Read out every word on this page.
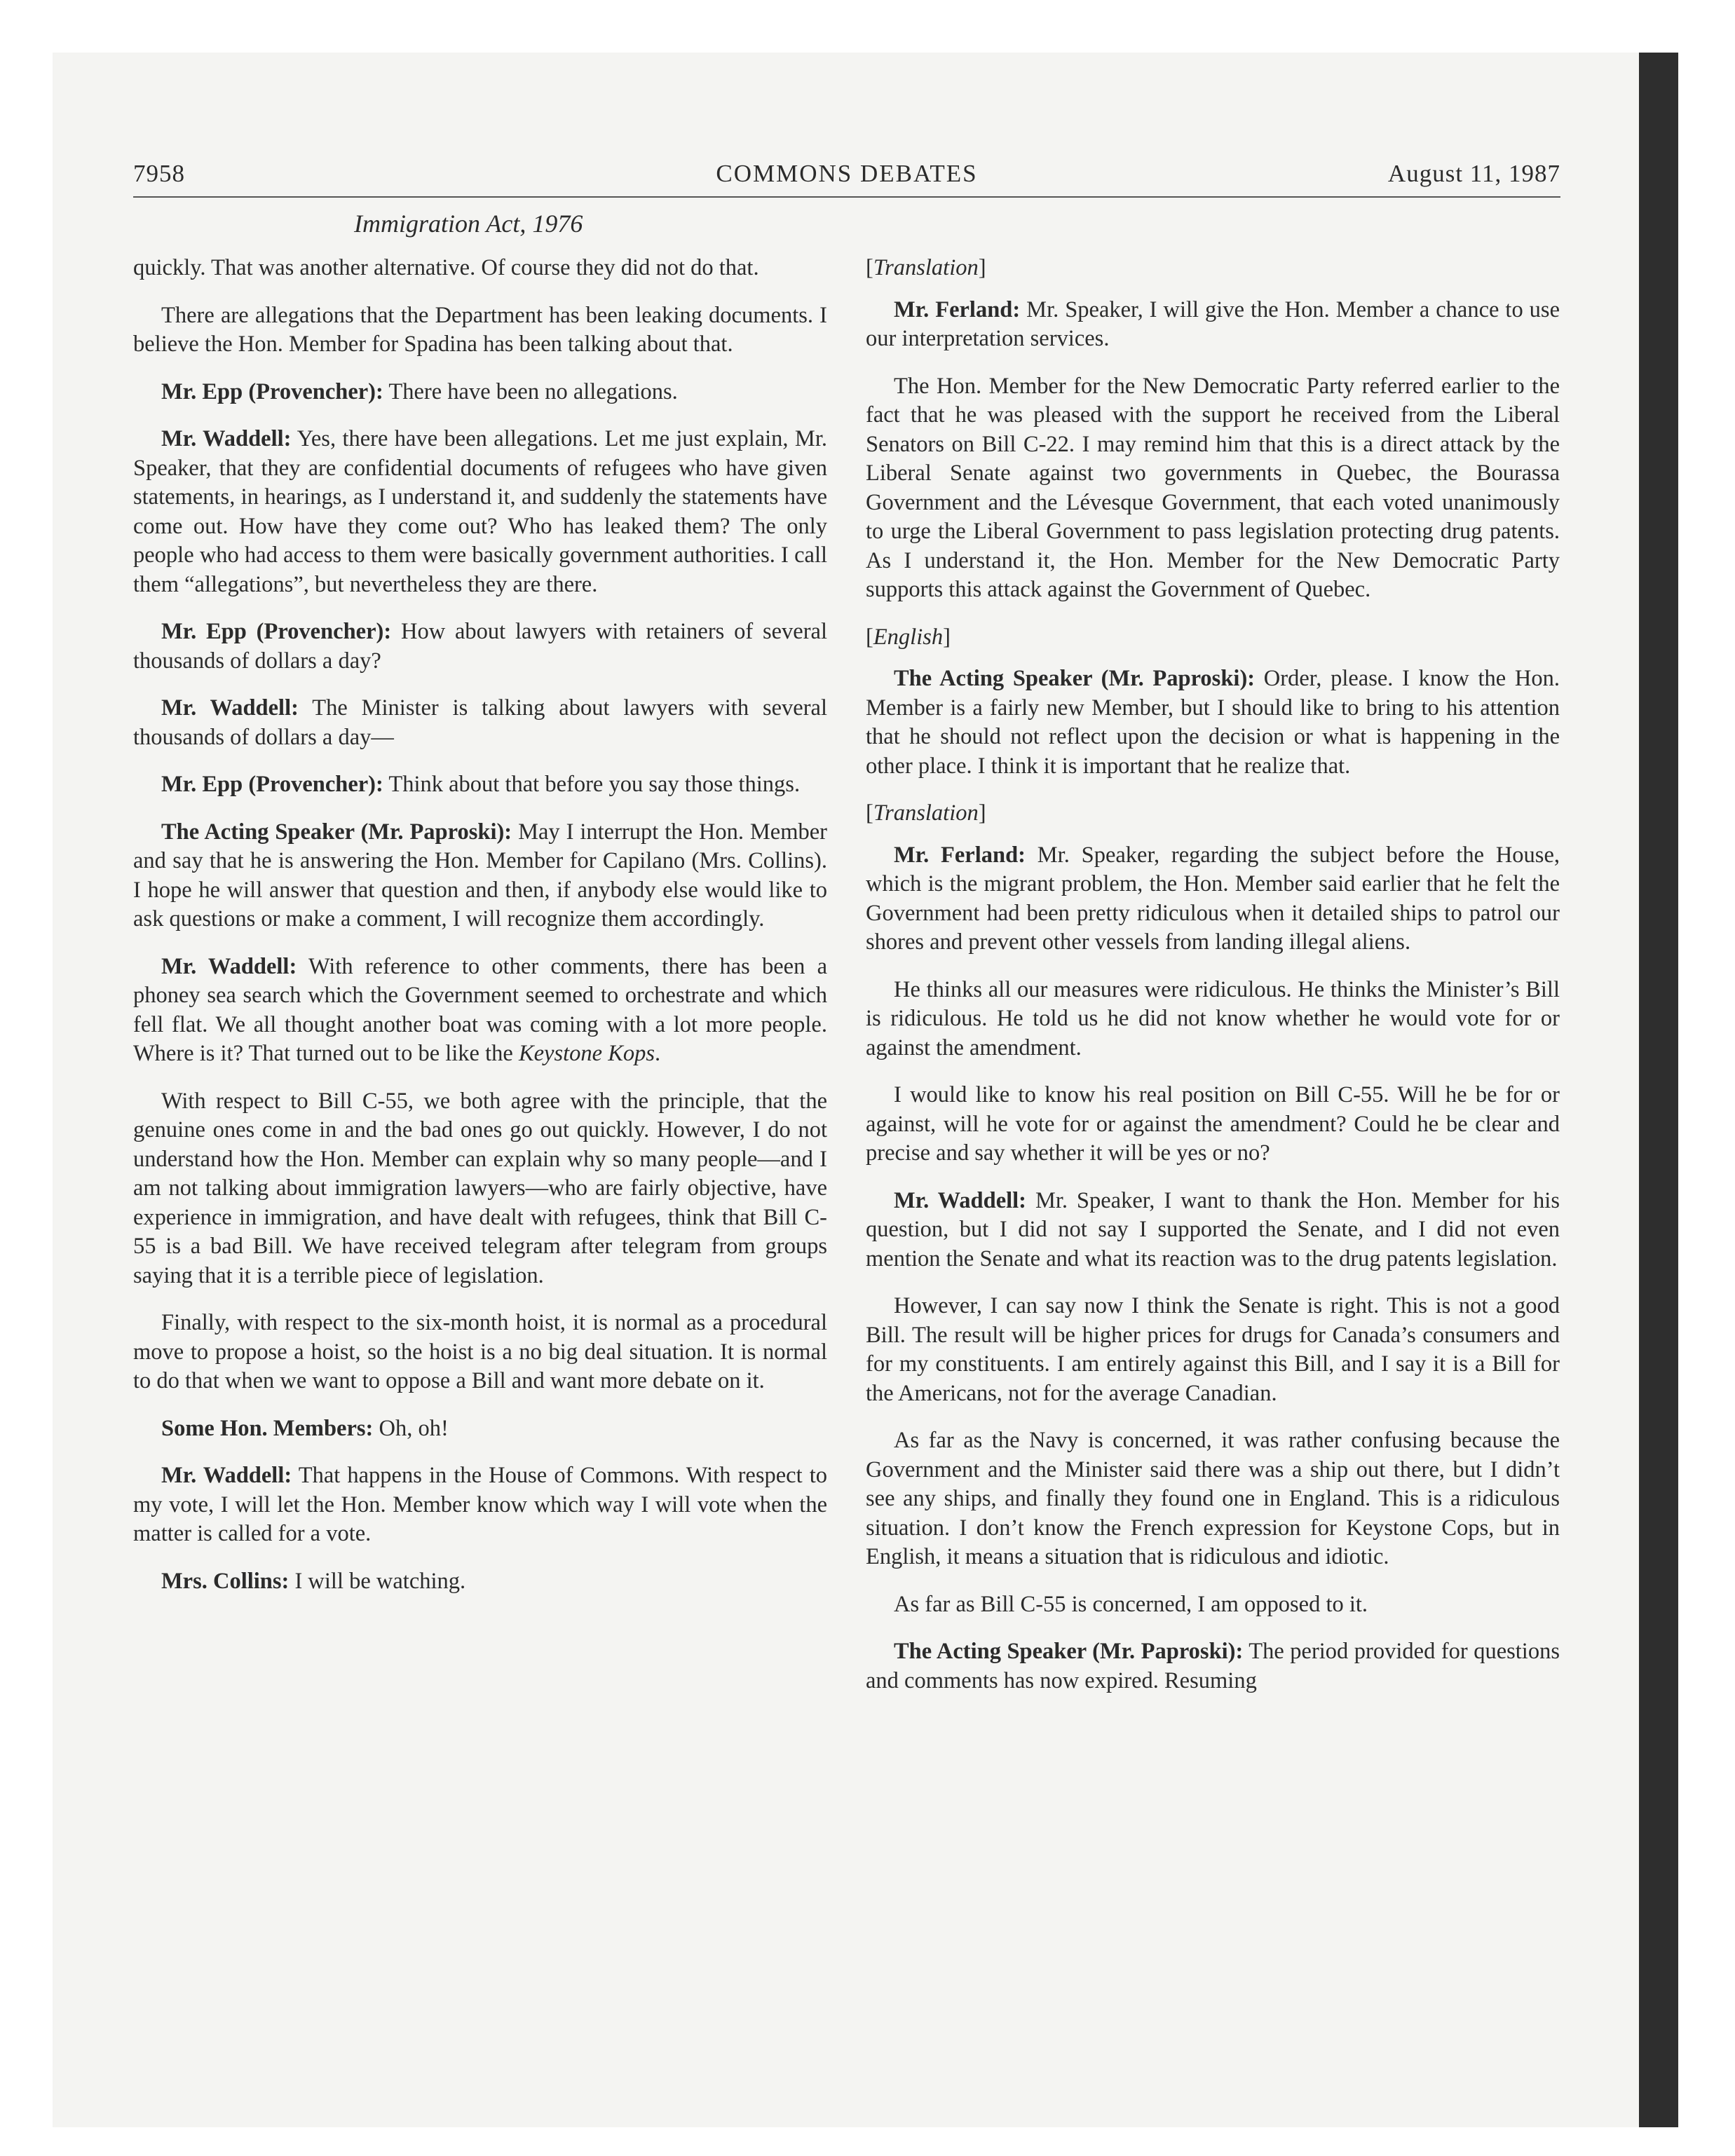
7958	COMMONS DEBATES	August 11, 1987
Immigration Act, 1976

quickly. That was another alternative. Of course they did not do that.

There are allegations that the Department has been leaking documents. I believe the Hon. Member for Spadina has been talking about that.

Mr. Epp (Provencher): There have been no allegations.

Mr. Waddell: Yes, there have been allegations. Let me just explain, Mr. Speaker, that they are confidential documents of refugees who have given statements, in hearings, as I understand it, and suddenly the statements have come out. How have they come out? Who has leaked them? The only people who had access to them were basically government authorities. I call them “allegations”, but nevertheless they are there.

Mr. Epp (Provencher): How about lawyers with retainers of several thousands of dollars a day?

Mr. Waddell: The Minister is talking about lawyers with several thousands of dollars a day—

Mr. Epp (Provencher): Think about that before you say those things.

The Acting Speaker (Mr. Paproski): May I interrupt the Hon. Member and say that he is answering the Hon. Member for Capilano (Mrs. Collins). I hope he will answer that question and then, if anybody else would like to ask questions or make a comment, I will recognize them accordingly.

Mr. Waddell: With reference to other comments, there has been a phoney sea search which the Government seemed to orchestrate and which fell flat. We all thought another boat was coming with a lot more people. Where is it? That turned out to be like the Keystone Kops.

With respect to Bill C-55, we both agree with the principle, that the genuine ones come in and the bad ones go out quickly. However, I do not understand how the Hon. Member can explain why so many people—and I am not talking about immigration lawyers—who are fairly objective, have experience in immigration, and have dealt with refugees, think that Bill C-55 is a bad Bill. We have received telegram after telegram from groups saying that it is a terrible piece of legislation.

Finally, with respect to the six-month hoist, it is normal as a procedural move to propose a hoist, so the hoist is a no big deal situation. It is normal to do that when we want to oppose a Bill and want more debate on it.

Some Hon. Members: Oh, oh!

Mr. Waddell: That happens in the House of Commons. With respect to my vote, I will let the Hon. Member know which way I will vote when the matter is called for a vote.

Mrs. Collins: I will be watching.

[Translation]

Mr. Ferland: Mr. Speaker, I will give the Hon. Member a chance to use our interpretation services.

The Hon. Member for the New Democratic Party referred earlier to the fact that he was pleased with the support he received from the Liberal Senators on Bill C-22. I may remind him that this is a direct attack by the Liberal Senate against two governments in Quebec, the Bourassa Government and the Lévesque Government, that each voted unanimously to urge the Liberal Government to pass legislation protecting drug patents. As I understand it, the Hon. Member for the New Democratic Party supports this attack against the Government of Quebec.

[English]

The Acting Speaker (Mr. Paproski): Order, please. I know the Hon. Member is a fairly new Member, but I should like to bring to his attention that he should not reflect upon the decision or what is happening in the other place. I think it is important that he realize that.

[Translation]

Mr. Ferland: Mr. Speaker, regarding the subject before the House, which is the migrant problem, the Hon. Member said earlier that he felt the Government had been pretty ridiculous when it detailed ships to patrol our shores and prevent other vessels from landing illegal aliens.

He thinks all our measures were ridiculous. He thinks the Minister’s Bill is ridiculous. He told us he did not know whether he would vote for or against the amendment.

I would like to know his real position on Bill C-55. Will he be for or against, will he vote for or against the amendment? Could he be clear and precise and say whether it will be yes or no?

Mr. Waddell: Mr. Speaker, I want to thank the Hon. Member for his question, but I did not say I supported the Senate, and I did not even mention the Senate and what its reaction was to the drug patents legislation.

However, I can say now I think the Senate is right. This is not a good Bill. The result will be higher prices for drugs for Canada’s consumers and for my constituents. I am entirely against this Bill, and I say it is a Bill for the Americans, not for the average Canadian.

As far as the Navy is concerned, it was rather confusing because the Government and the Minister said there was a ship out there, but I didn’t see any ships, and finally they found one in England. This is a ridiculous situation. I don’t know the French expression for Keystone Cops, but in English, it means a situation that is ridiculous and idiotic.

As far as Bill C-55 is concerned, I am opposed to it.

The Acting Speaker (Mr. Paproski): The period provided for questions and comments has now expired. Resuming
